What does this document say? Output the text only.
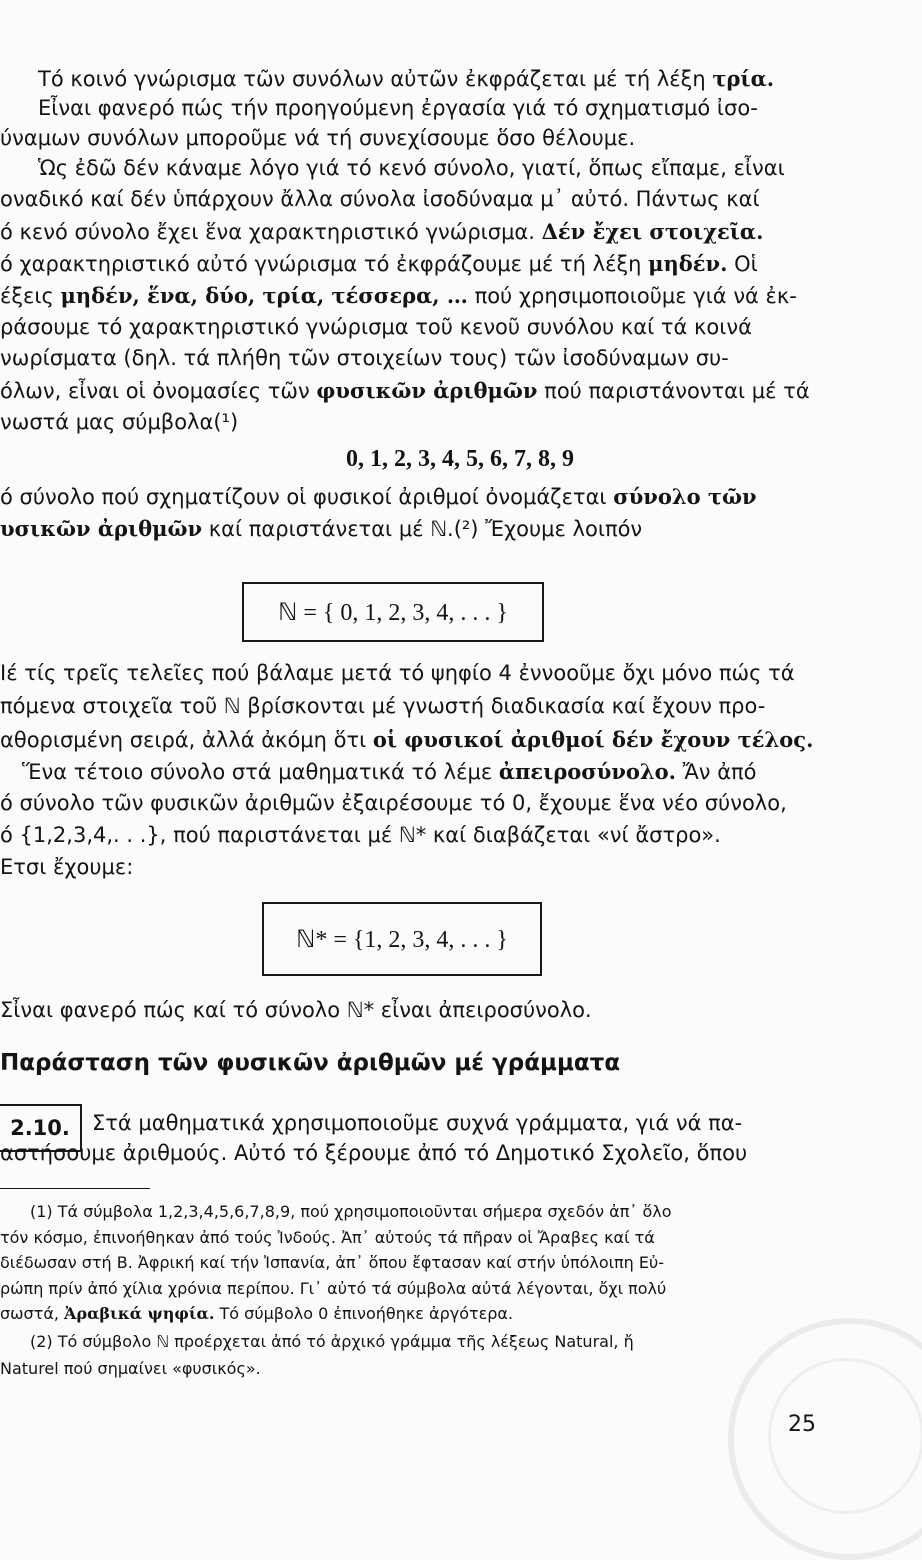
Τό κοινό γνώρισμα τῶν συνόλων αὐτῶν ἐκφράζεται μέ τή λέξη τρία.
Εἶναι φανερό πώς τήν προηγούμενη ἐργασία γιά τό σχηματισμό ἰσο-
ύναμων συνόλων μποροῦμε νά τή συνεχίσουμε ὅσο θέλουμε.
Ὡς ἐδῶ δέν κάναμε λόγο γιά τό κενό σύνολο, γιατί, ὅπως εἴπαμε, εἶναι
οναδικό καί δέν ὑπάρχουν ἄλλα σύνολα ἰσοδύναμα μ᾽ αὐτό. Πάντως καί
ό κενό σύνολο ἔχει ἕνα χαρακτηριστικό γνώρισμα. Δέν ἔχει στοιχεῖα.
ό χαρακτηριστικό αὐτό γνώρισμα τό ἐκφράζουμε μέ τή λέξη μηδέν. Οἱ
έξεις μηδέν, ἕνα, δύο, τρία, τέσσερα, … πού χρησιμοποιοῦμε γιά νά ἐκ-
ράσουμε τό χαρακτηριστικό γνώρισμα τοῦ κενοῦ συνόλου καί τά κοινά
νωρίσματα (δηλ. τά πλήθη τῶν στοιχείων τους) τῶν ἰσοδύναμων συ-
όλων, εἶναι οἱ ὀνομασίες τῶν φυσικῶν ἀριθμῶν πού παριστάνονται μέ τά
νωστά μας σύμβολα(¹)
0, 1, 2, 3, 4, 5, 6, 7, 8, 9
ό σύνολο πού σχηματίζουν οἱ φυσικοί ἀριθμοί ὀνομάζεται σύνολο τῶν
υσικῶν ἀριθμῶν καί παριστάνεται μέ ℕ.(²) Ἔχουμε λοιπόν
ℕ = { 0, 1, 2, 3, 4, . . . }
Ιέ τίς τρεῖς τελεῖες πού βάλαμε μετά τό ψηφίο 4 ἐννοοῦμε ὄχι μόνο πώς τά
πόμενα στοιχεῖα τοῦ ℕ βρίσκονται μέ γνωστή διαδικασία καί ἔχουν πρo-
αθορισμένη σειρά, ἀλλά ἀκόμη ὅτι οἱ φυσικοί ἀριθμοί δέν ἔχουν τέλος.
Ἕνα τέτοιο σύνολο στά μαθηματικά τό λέμε ἀπειροσύνολο. Ἄν ἀπό
ό σύνολο τῶν φυσικῶν ἀριθμῶν ἐξαιρέσουμε τό 0, ἔχουμε ἕνα νέο σύνολο,
ό {1,2,3,4,. . .}, πού παριστάνεται μέ ℕ* καί διαβάζεται «νί ἄστρο».
Ετσι ἔχουμε:
ℕ* = {1, 2, 3, 4, . . . }
Σἶναι φανερό πώς καί τό σύνολο ℕ* εἶναι ἀπειροσύνολο.
Παράσταση τῶν φυσικῶν ἀριθμῶν μέ γράμματα
2.10.	Στά μαθηματικά χρησιμοποιοῦμε συχνά γράμματα, γιά νά πα-
αστήσουμε ἀριθμούς. Αὐτό τό ξέρουμε ἀπό τό Δημοτικό Σχολεῖο, ὅπου
(1) Τά σύμβολα 1,2,3,4,5,6,7,8,9, πού χρησιμοποιοῦνται σήμερα σχεδόν ἀπ᾽ ὅλο
τόν κόσμο, ἐπινοήθηκαν ἀπό τούς Ἰνδούς. Ἀπ᾽ αὐτούς τά πῆραν οἱ Ἄραβες καί τά
διέδωσαν στή Β. Ἀφρική καί τήν Ἰσπανία, ἀπ᾽ ὅπου ἔφτασαν καί στήν ὑπόλοιπη Εὐ-
ρώπη πρίν ἀπό χίλια χρόνια περίπου. Γι᾽ αὐτό τά σύμβολα αὐτά λέγονται, ὄχι πολύ
σωστά, Ἀραβικά ψηφία. Τό σύμβολο 0 ἐπινοήθηκε ἀργότερα.
(2) Τό σύμβολο ℕ προέρχεται ἀπό τό ἀρχικό γράμμα τῆς λέξεως Natural, ἤ
Naturel πού σημαίνει «φυσικός».
25
